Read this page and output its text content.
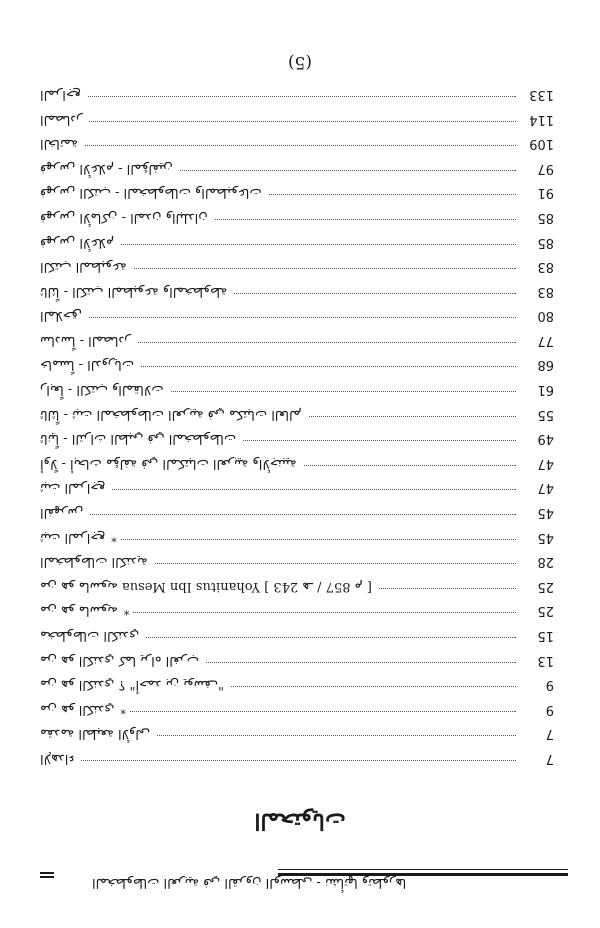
المخطوطات العربية في القرون الوسطى - نشأتها وتطورها
المحتويات
الإهداء	7
مقدمة الطبعة الأولى	7
من هو الكندي *	9
من هو الكندي ؟ "أحمد بن يوسف"	9
من هو الكندي كما يراه الغرب	13
مخطوطات الكندي	15
من هو ماسويه *	25
من هو ماسويه Yohanitus Ibn Mesua [ 243 هـ / 857 م ]	25
المخطوطات الكندية	28
ثبت المراجع *	45
الفهرس	45
ثبت المراجع	47
أولاً - أبحاث مؤلفة في المكتبات العربية والأجنبية	47
ثانياً - التراث الطبي في المخطوطات	49
ثالثاً - ثبت المخطوطات العربية في مكتبات العالم	55
رابعاً - الكتب والمقالات	61
خامساً - الدوريات	68
سادساً - المصادر	77
الملاحق	80
ثالثاً - الكتب المطبوعة والمخطوطة	83
الكتب المطبوعة	83
فهرس الأعلام	85
فهرس الأماكن - المدن والبلدان	85
فهرس الكتب - المخطوطات والمطبوعات	91
فهرس الأعلام - المؤلفين	97
الخاتمة	109
المصادر	114
المراجع	133
(5)
